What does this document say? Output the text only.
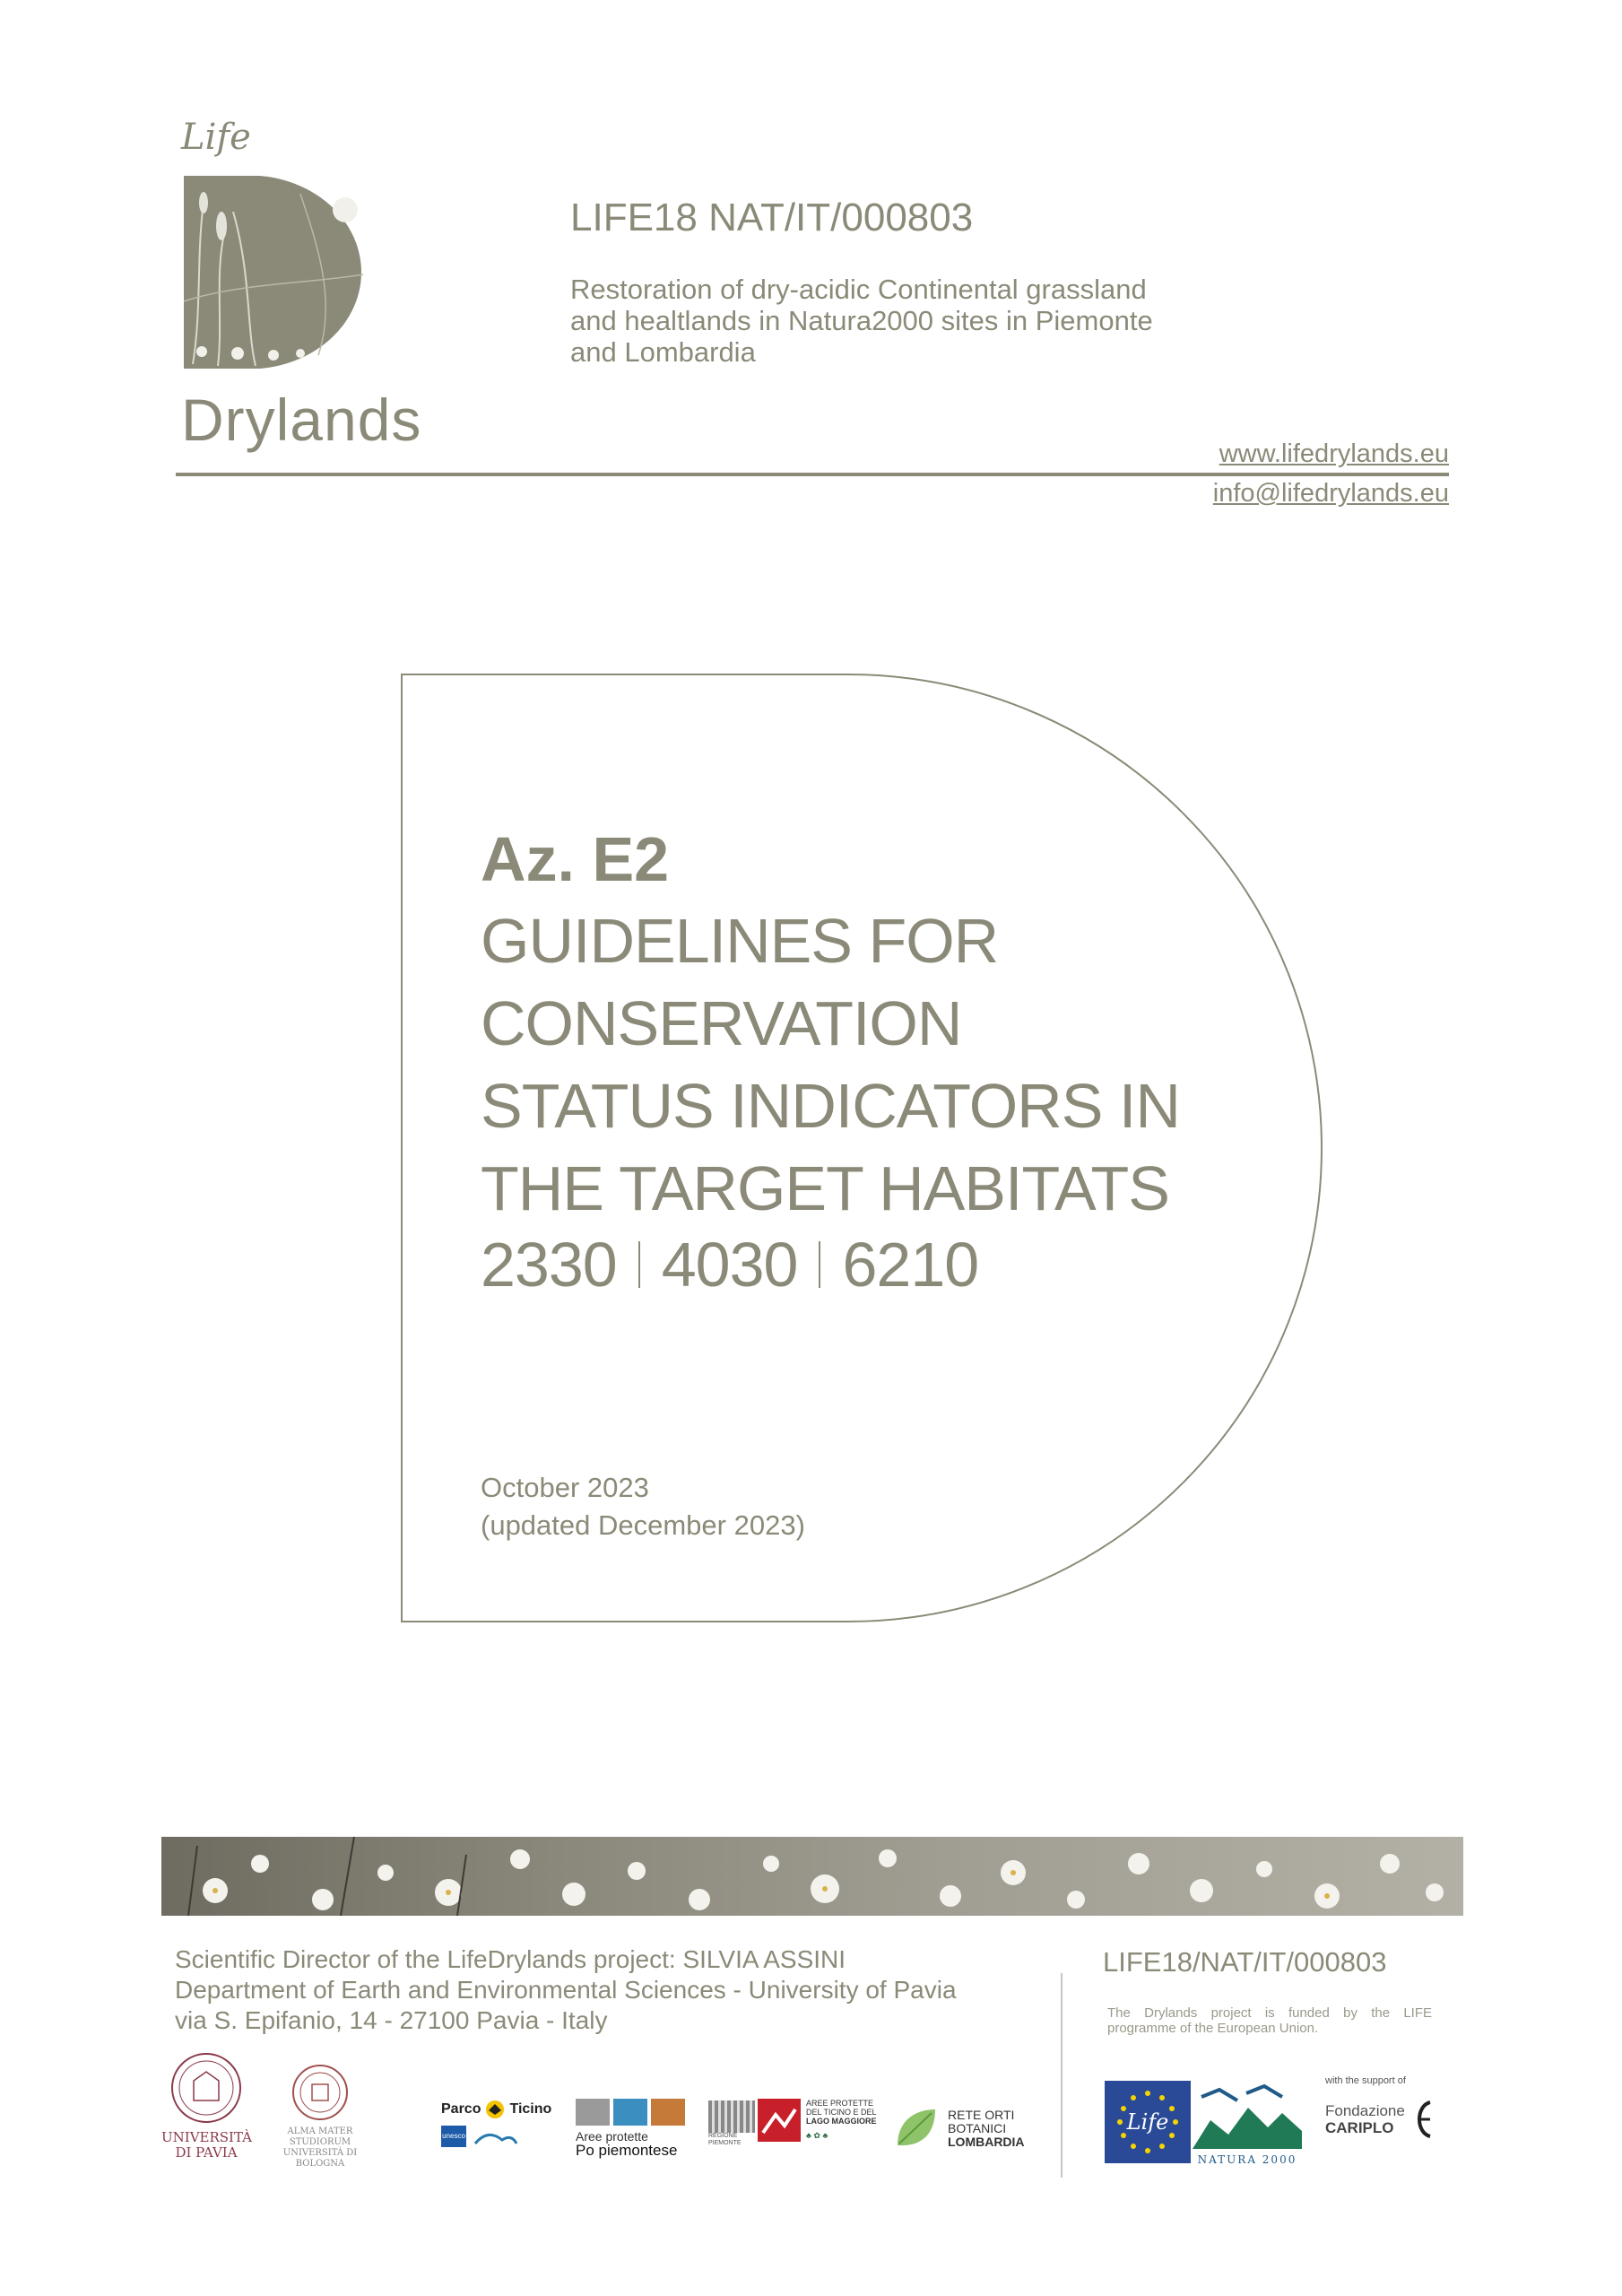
Life
Drylands
LIFE18 NAT/IT/000803
Restoration of dry-acidic Continental grassland
and healtlands in Natura2000 sites in Piemonte
and Lombardia
www.lifedrylands.eu
info@lifedrylands.eu
Az. E2
GUIDELINES FOR
CONSERVATION
STATUS INDICATORS IN
THE TARGET HABITATS
2330 4030 6210
October 2023
(updated December 2023)
Scientific Director of the LifeDrylands project: SILVIA ASSINI
Department of Earth and Environmental Sciences - University of Pavia
via S. Epifanio, 14 - 27100 Pavia - Italy
LIFE18/NAT/IT/000803
The Drylands project is funded by the LIFE programme of the European Union.
UNIVERSITÀ
DI PAVIA
ALMA MATER STUDIORUM
UNIVERSITÀ DI BOLOGNA
Parco Ticino
unesco	Aree protette
Po piemontese
REGIONE
PIEMONTE
AREE PROTETTE
DEL TICINO E DEL
LAGO MAGGIORE
♣ ✿ ♣
RETE ORTI
BOTANICI
LOMBARDIA
Life
NATURA 2000
with the support of
Fondazione
CARIPLO
